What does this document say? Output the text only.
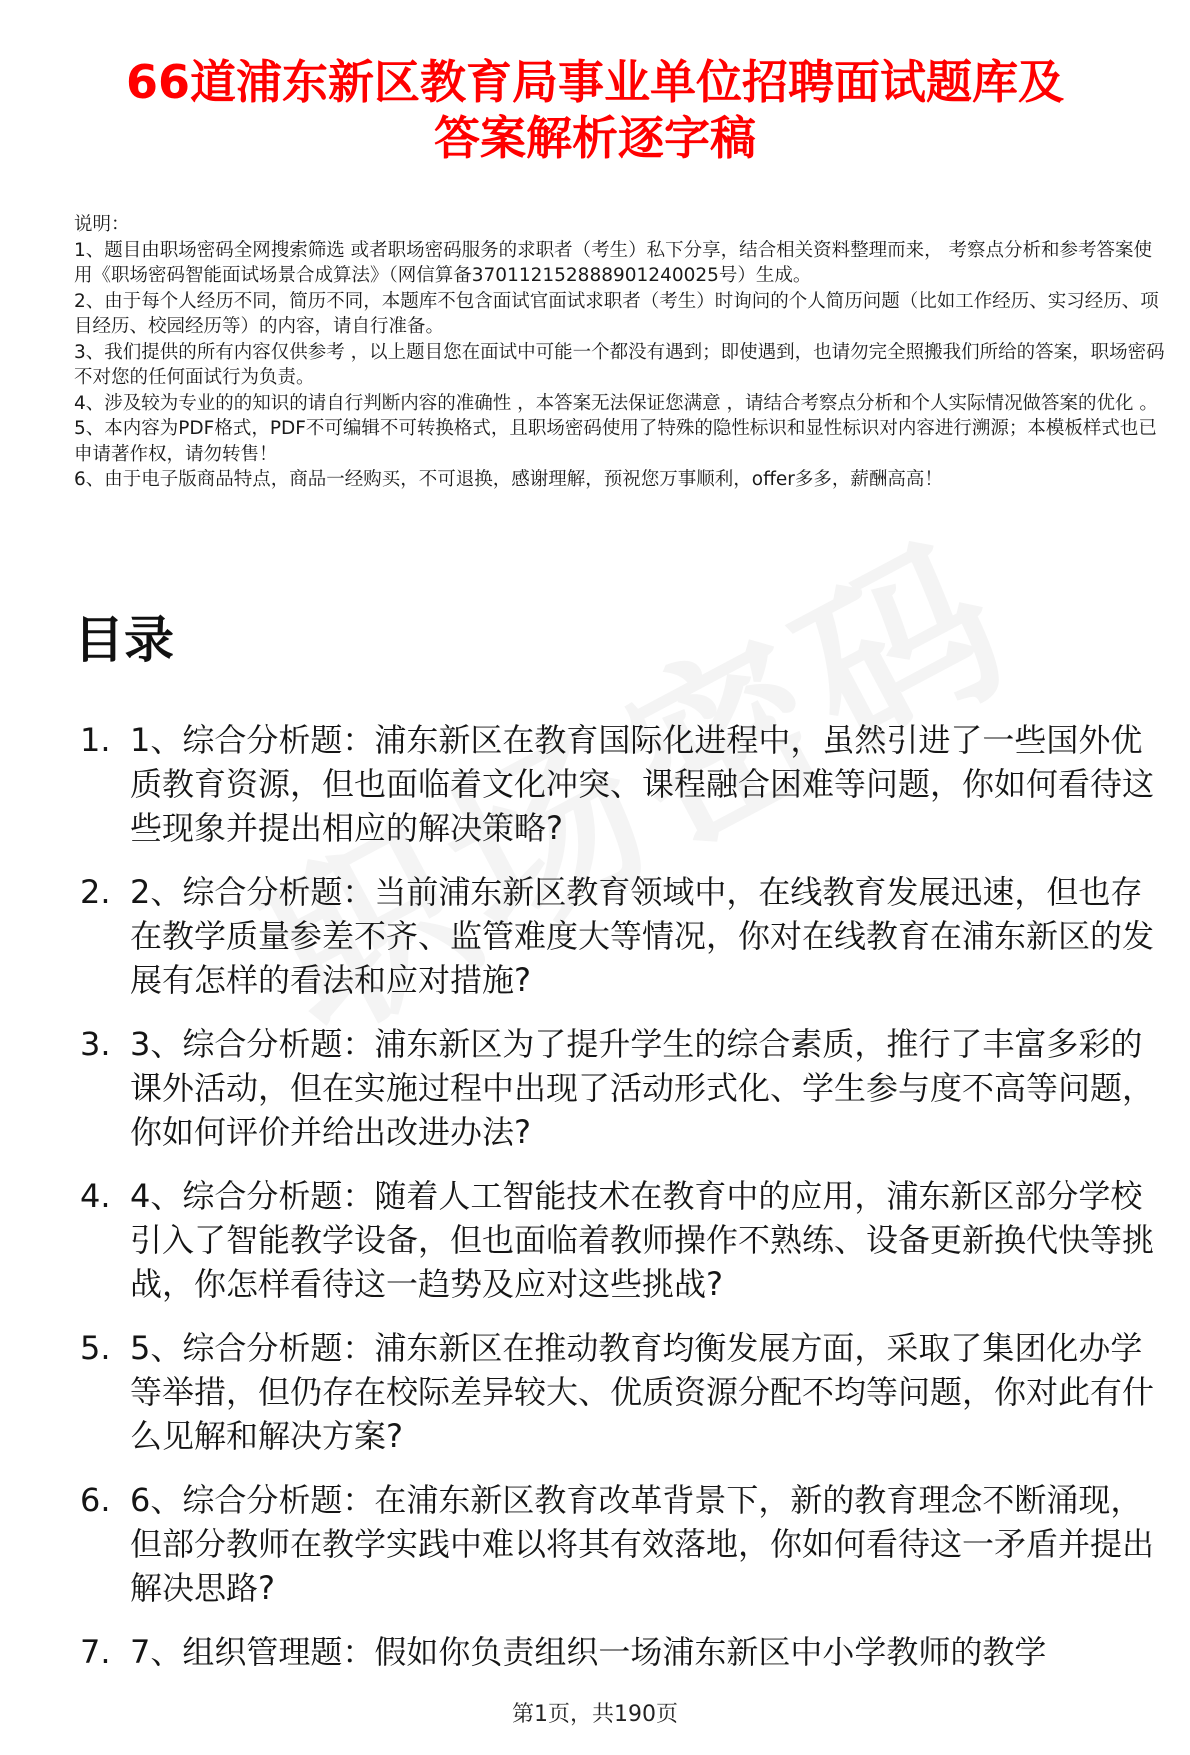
66道浦东新区教育局事业单位招聘面试题库及
答案解析逐字稿

说明：

1、题目由职场密码全网搜索筛选 或者职场密码服务的求职者（考生）私下分享，结合相关资料整理而来， 考察点分析和参考答案使用《职场密码智能面试场景合成算法》（网信算备370112152888901240025号）生成。

2、由于每个人经历不同，简历不同，本题库不包含面试官面试求职者（考生）时询问的个人简历问题（比如工作经历、实习经历、项目经历、校园经历等）的内容，请自行准备。

3、我们提供的所有内容仅供参考 ，以上题目您在面试中可能一个都没有遇到；即使遇到，也请勿完全照搬我们所给的答案，职场密码不对您的任何面试行为负责。

4、涉及较为专业的的知识的请自行判断内容的准确性 ，本答案无法保证您满意 ，请结合考察点分析和个人实际情况做答案的优化 。

5、本内容为PDF格式，PDF不可编辑不可转换格式，且职场密码使用了特殊的隐性标识和显性标识对内容进行溯源；本模板样式也已申请著作权，请勿转售！

6、由于电子版商品特点，商品一经购买，不可退换，感谢理解，预祝您万事顺利，offer多多，薪酬高高！

目录
1. 1、综合分析题：浦东新区在教育国际化进程中，虽然引进了一些国外优质教育资源，但也面临着文化冲突、课程融合困难等问题，你如何看待这些现象并提出相应的解决策略?
2. 2、综合分析题：当前浦东新区教育领域中，在线教育发展迅速，但也存在教学质量参差不齐、监管难度大等情况，你对在线教育在浦东新区的发展有怎样的看法和应对措施?
3. 3、综合分析题：浦东新区为了提升学生的综合素质，推行了丰富多彩的课外活动，但在实施过程中出现了活动形式化、学生参与度不高等问题，你如何评价并给出改进办法?
4. 4、综合分析题：随着人工智能技术在教育中的应用，浦东新区部分学校引入了智能教学设备，但也面临着教师操作不熟练、设备更新换代快等挑战，你怎样看待这一趋势及应对这些挑战?
5. 5、综合分析题：浦东新区在推动教育均衡发展方面，采取了集团化办学等举措，但仍存在校际差异较大、优质资源分配不均等问题，你对此有什么见解和解决方案?
6. 6、综合分析题：在浦东新区教育改革背景下，新的教育理念不断涌现，但部分教师在教学实践中难以将其有效落地，你如何看待这一矛盾并提出解决思路?
7. 7、组织管理题：假如你负责组织一场浦东新区中小学教师的教学
第1页，共190页
